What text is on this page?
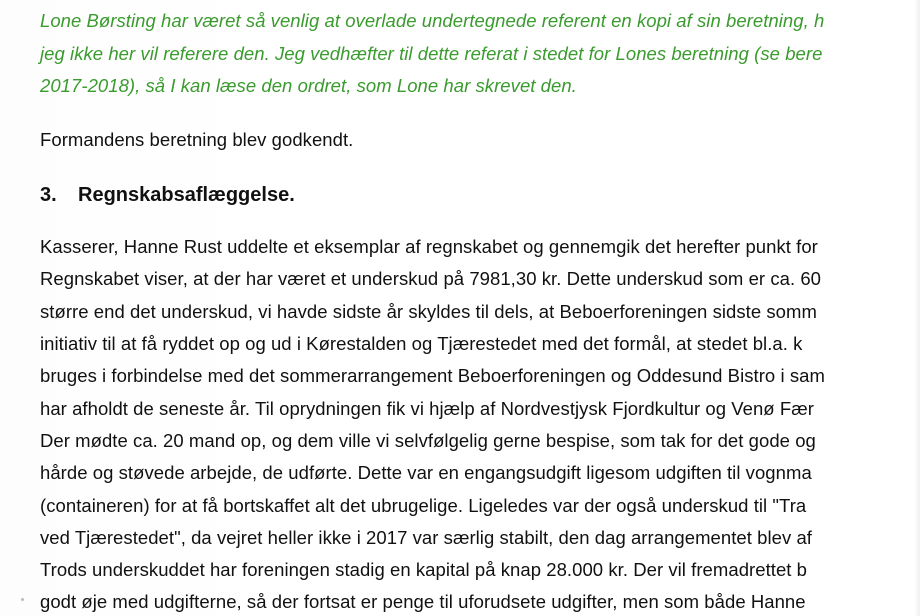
Lone Børsting har været så venlig at overlade undertegnede referent en kopi af sin beretning, h
jeg ikke her vil referere den. Jeg vedhæfter til dette referat i stedet for Lones beretning (se bere
2017-2018), så I kan læse den ordret, som Lone har skrevet den.
Formandens beretning blev godkendt.
3. Regnskabsaflæggelse.
Kasserer, Hanne Rust uddelte et eksemplar af regnskabet og gennemgik det herefter punkt for
Regnskabet viser, at der har været et underskud på 7981,30 kr. Dette underskud som er ca. 60
større end det underskud, vi havde sidste år skyldes til dels, at Beboerforeningen sidste somm
initiativ til at få ryddet op og ud i Kørestalden og Tjærestedet med det formål, at stedet bl.a. k
bruges i forbindelse med det sommerarrangement Beboerforeningen og Oddesund Bistro i sam
har afholdt de seneste år. Til oprydningen fik vi hjælp af Nordvestjysk Fjordkultur og Venø Fær
Der mødte ca. 20 mand op, og dem ville vi selvfølgelig gerne bespise, som tak for det gode og
hårde og støvede arbejde, de udførte. Dette var en engangsudgift ligesom udgiften til vognma
(containeren) for at få bortskaffet alt det ubrugelige. Ligeledes var der også underskud til "Tra
ved Tjærestedet", da vejret heller ikke i 2017 var særlig stabilt, den dag arrangementet blev af
Trods underskuddet har foreningen stadig en kapital på knap 28.000 kr. Der vil fremadrettet b
godt øje med udgifterne, så der fortsat er penge til uforudsete udgifter, men som både Hanne
